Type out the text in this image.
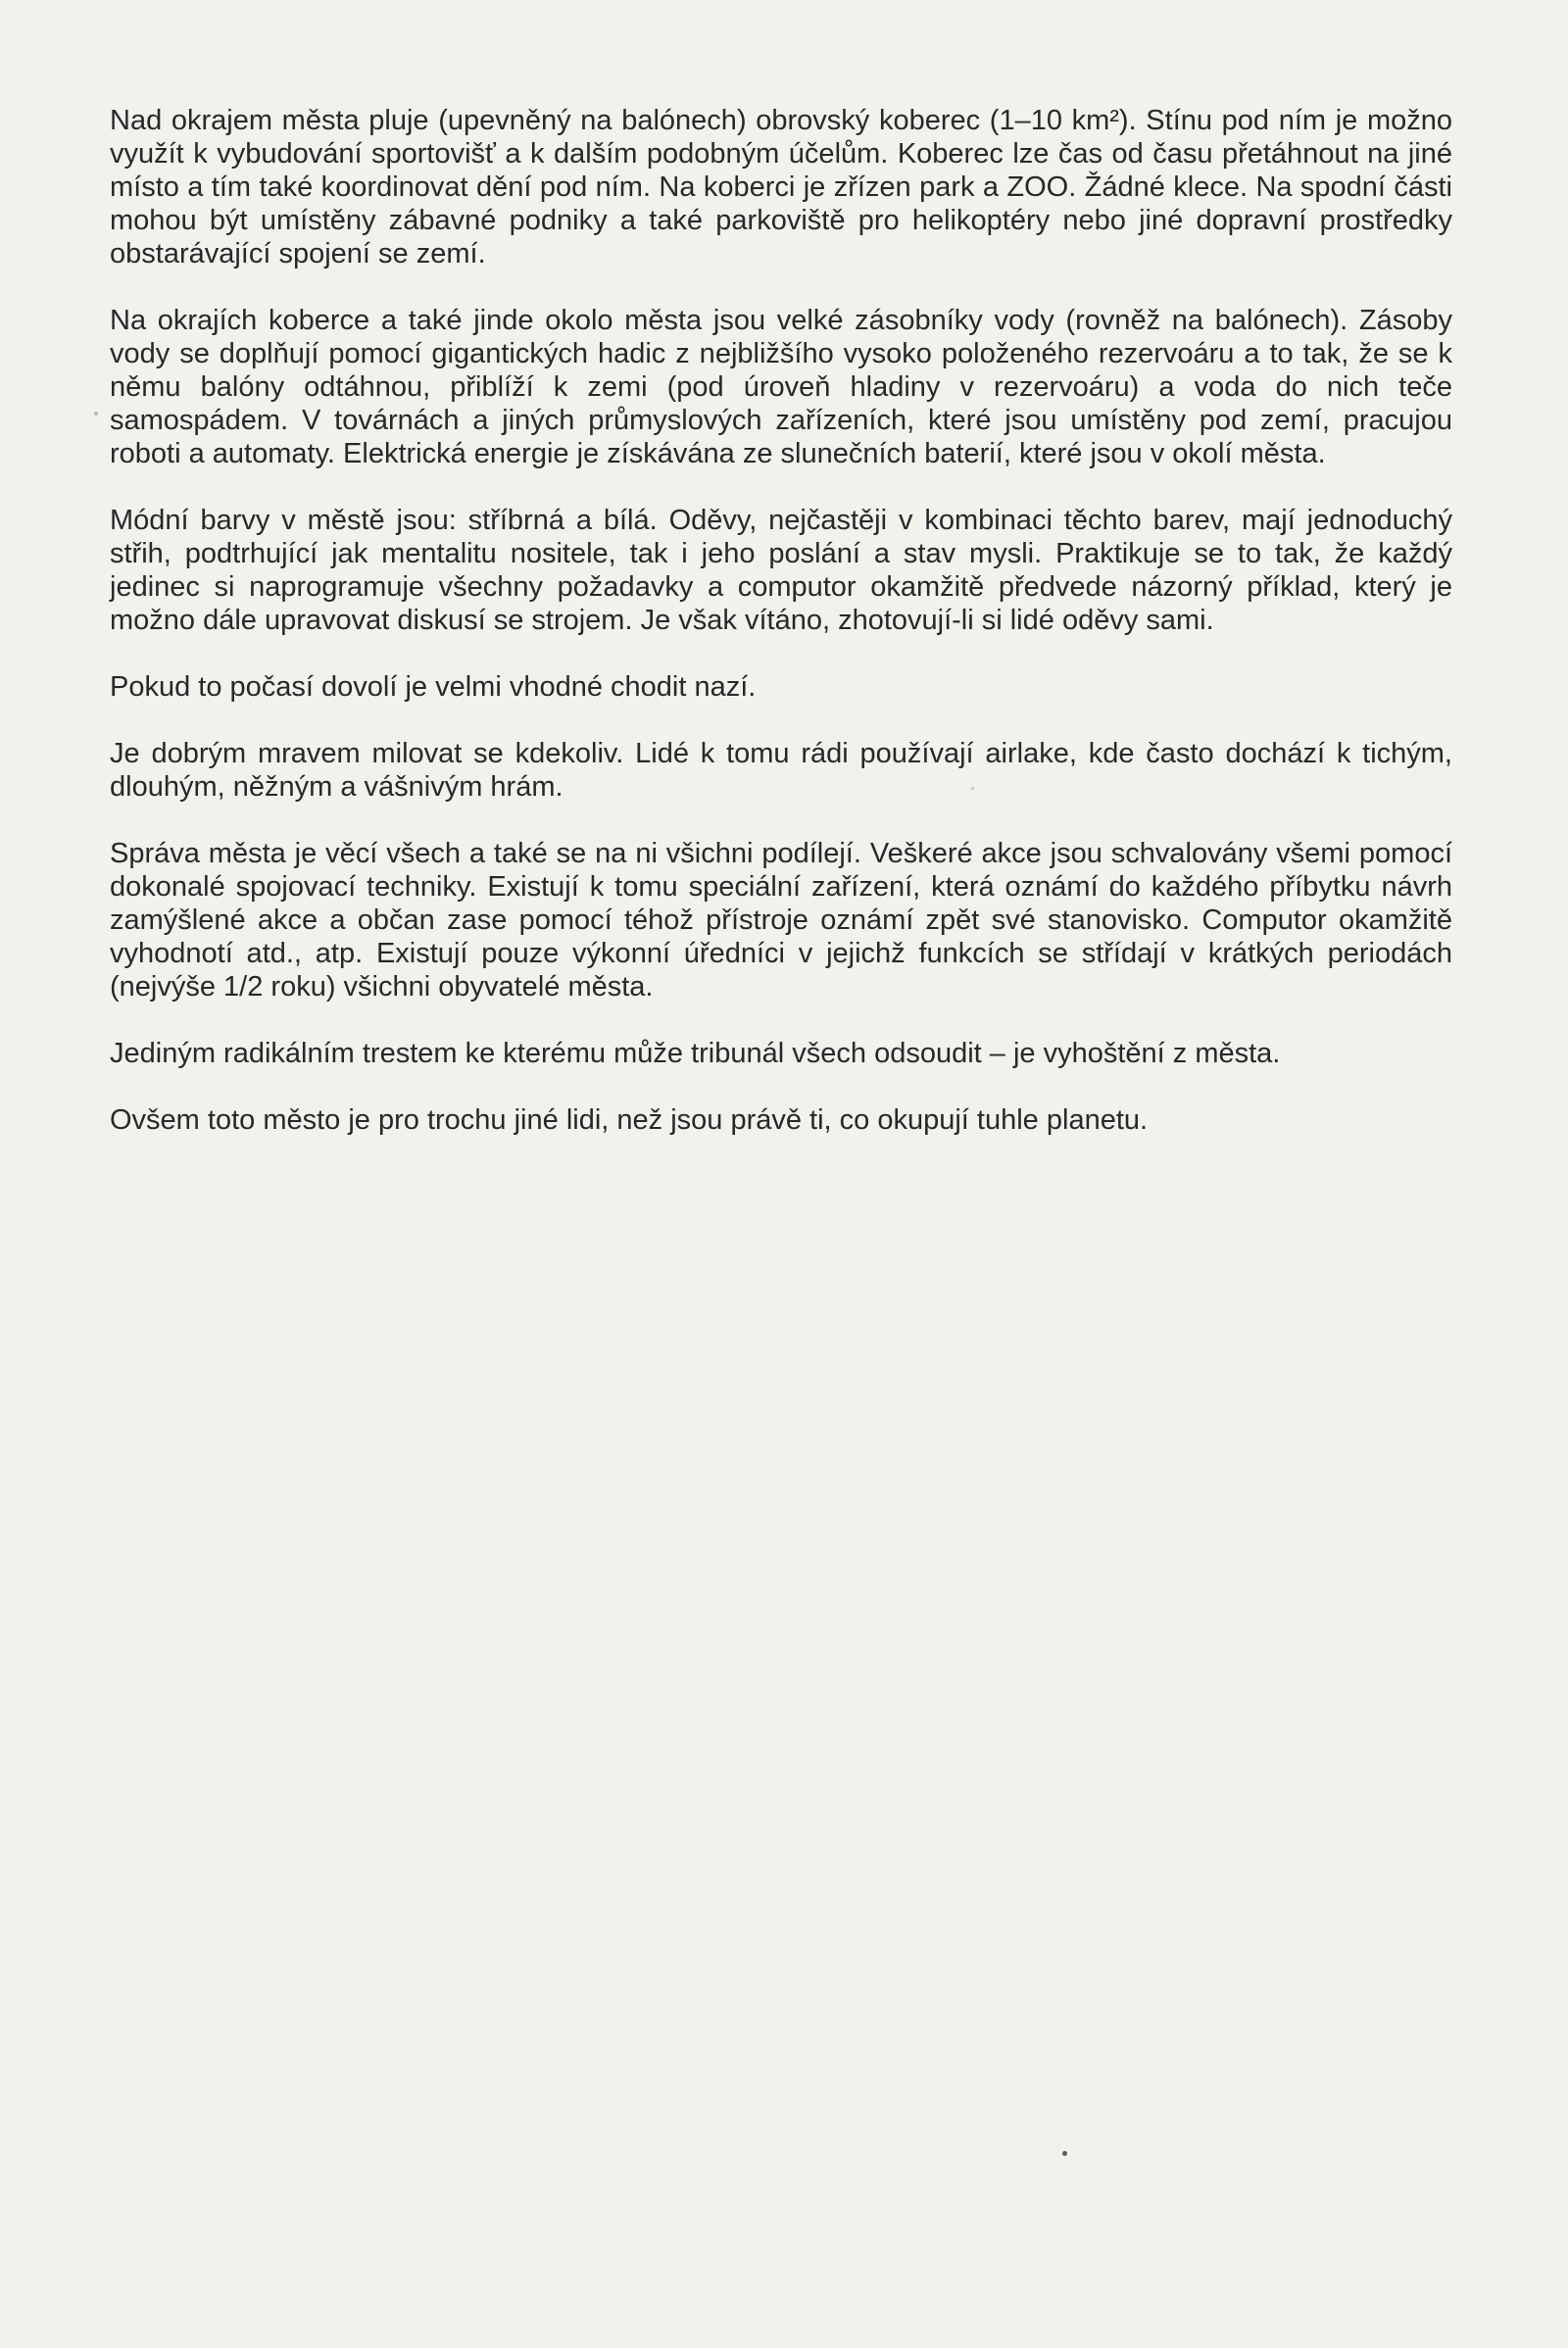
Nad okrajem města pluje (upevněný na balónech) obrovský koberec (1–10 km²). Stínu pod ním je možno využít k vybudování sportovišť a k dalším podobným účelům. Koberec lze čas od času přetáhnout na jiné místo a tím také koordinovat dění pod ním. Na koberci je zřízen park a ZOO. Žádné klece. Na spodní části mohou být umístěny zábavné podniky a také parkoviště pro helikoptéry nebo jiné dopravní prostředky obstarávající spojení se zemí.

Na okrajích koberce a také jinde okolo města jsou velké zásobníky vody (rovněž na balónech). Zásoby vody se doplňují pomocí gigantických hadic z nejbližšího vysoko položeného rezervoáru a to tak, že se k němu balóny odtáhnou, přiblíží k zemi (pod úroveň hladiny v rezervoáru) a voda do nich teče samospádem. V továrnách a jiných průmyslových zařízeních, které jsou umístěny pod zemí, pracujou roboti a automaty. Elektrická energie je získávána ze slunečních baterií, které jsou v okolí města.

Módní barvy v městě jsou: stříbrná a bílá. Oděvy, nejčastěji v kombinaci těchto barev, mají jednoduchý střih, podtrhující jak mentalitu nositele, tak i jeho poslání a stav mysli. Praktikuje se to tak, že každý jedinec si naprogramuje všechny požadavky a computor okamžitě předvede názorný příklad, který je možno dále upravovat diskusí se strojem. Je však vítáno, zhotovují-li si lidé oděvy sami.

Pokud to počasí dovolí je velmi vhodné chodit nazí.

Je dobrým mravem milovat se kdekoliv. Lidé k tomu rádi používají airlake, kde často dochází k tichým, dlouhým, něžným a vášnivým hrám.

Správa města je věcí všech a také se na ni všichni podílejí. Veškeré akce jsou schvalovány všemi pomocí dokonalé spojovací techniky. Existují k tomu speciální zařízení, která oznámí do každého příbytku návrh zamýšlené akce a občan zase pomocí téhož přístroje oznámí zpět své stanovisko. Computor okamžitě vyhodnotí atd., atp. Existují pouze výkonní úředníci v jejichž funkcích se střídají v krátkých periodách (nejvýše 1/2 roku) všichni obyvatelé města.

Jediným radikálním trestem ke kterému může tribunál všech odsoudit – je vyhoštění z města.

Ovšem toto město je pro trochu jiné lidi, než jsou právě ti, co okupují tuhle planetu.
